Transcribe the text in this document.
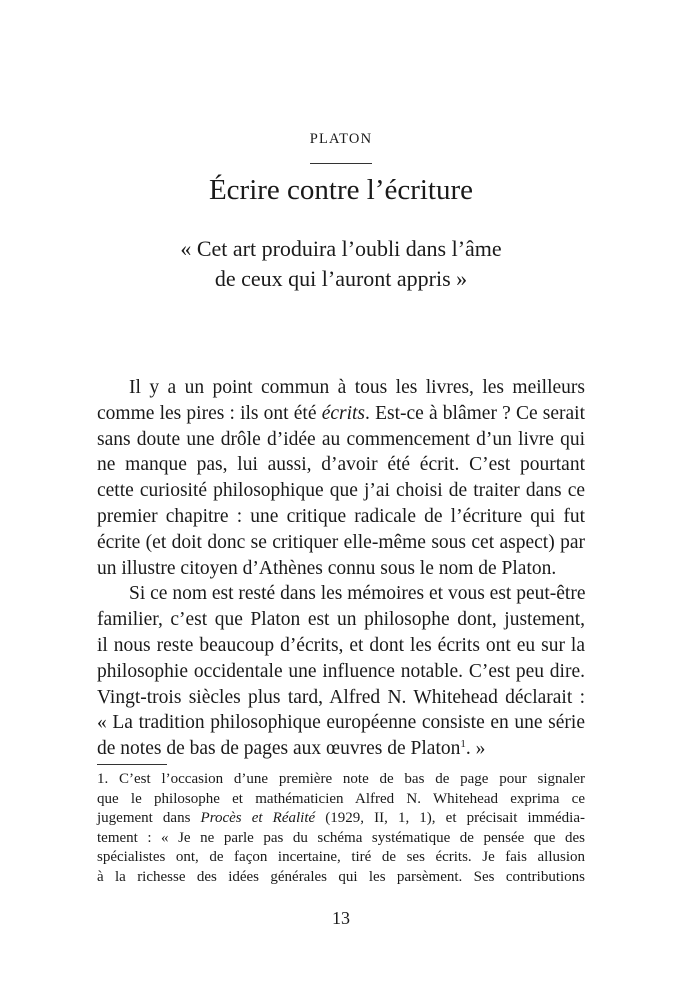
PLATON
Écrire contre l’écriture
« Cet art produira l’oubli dans l’âme
de ceux qui l’auront appris »
Il y a un point commun à tous les livres, les meilleurs
comme les pires : ils ont été écrits. Est-ce à blâmer ? Ce serait
sans doute une drôle d’idée au commencement d’un livre qui
ne manque pas, lui aussi, d’avoir été écrit. C’est pourtant
cette curiosité philosophique que j’ai choisi de traiter dans ce
premier chapitre : une critique radicale de l’écriture qui fut
écrite (et doit donc se critiquer elle-même sous cet aspect) par
un illustre citoyen d’Athènes connu sous le nom de Platon.
Si ce nom est resté dans les mémoires et vous est peut-être
familier, c’est que Platon est un philosophe dont, justement,
il nous reste beaucoup d’écrits, et dont les écrits ont eu sur la
philosophie occidentale une influence notable. C’est peu dire.
Vingt-trois siècles plus tard, Alfred N. Whitehead déclarait :
« La tradition philosophique européenne consiste en une série
de notes de bas de pages aux œuvres de Platon$^1$. »
1. C’est l’occasion d’une première note de bas de page pour signaler
que le philosophe et mathématicien Alfred N. Whitehead exprima ce
jugement dans Procès et Réalité (1929, II, 1, 1), et précisait immédia-
tement : « Je ne parle pas du schéma systématique de pensée que des
spécialistes ont, de façon incertaine, tiré de ses écrits. Je fais allusion
à la richesse des idées générales qui les parsèment. Ses contributions
13
